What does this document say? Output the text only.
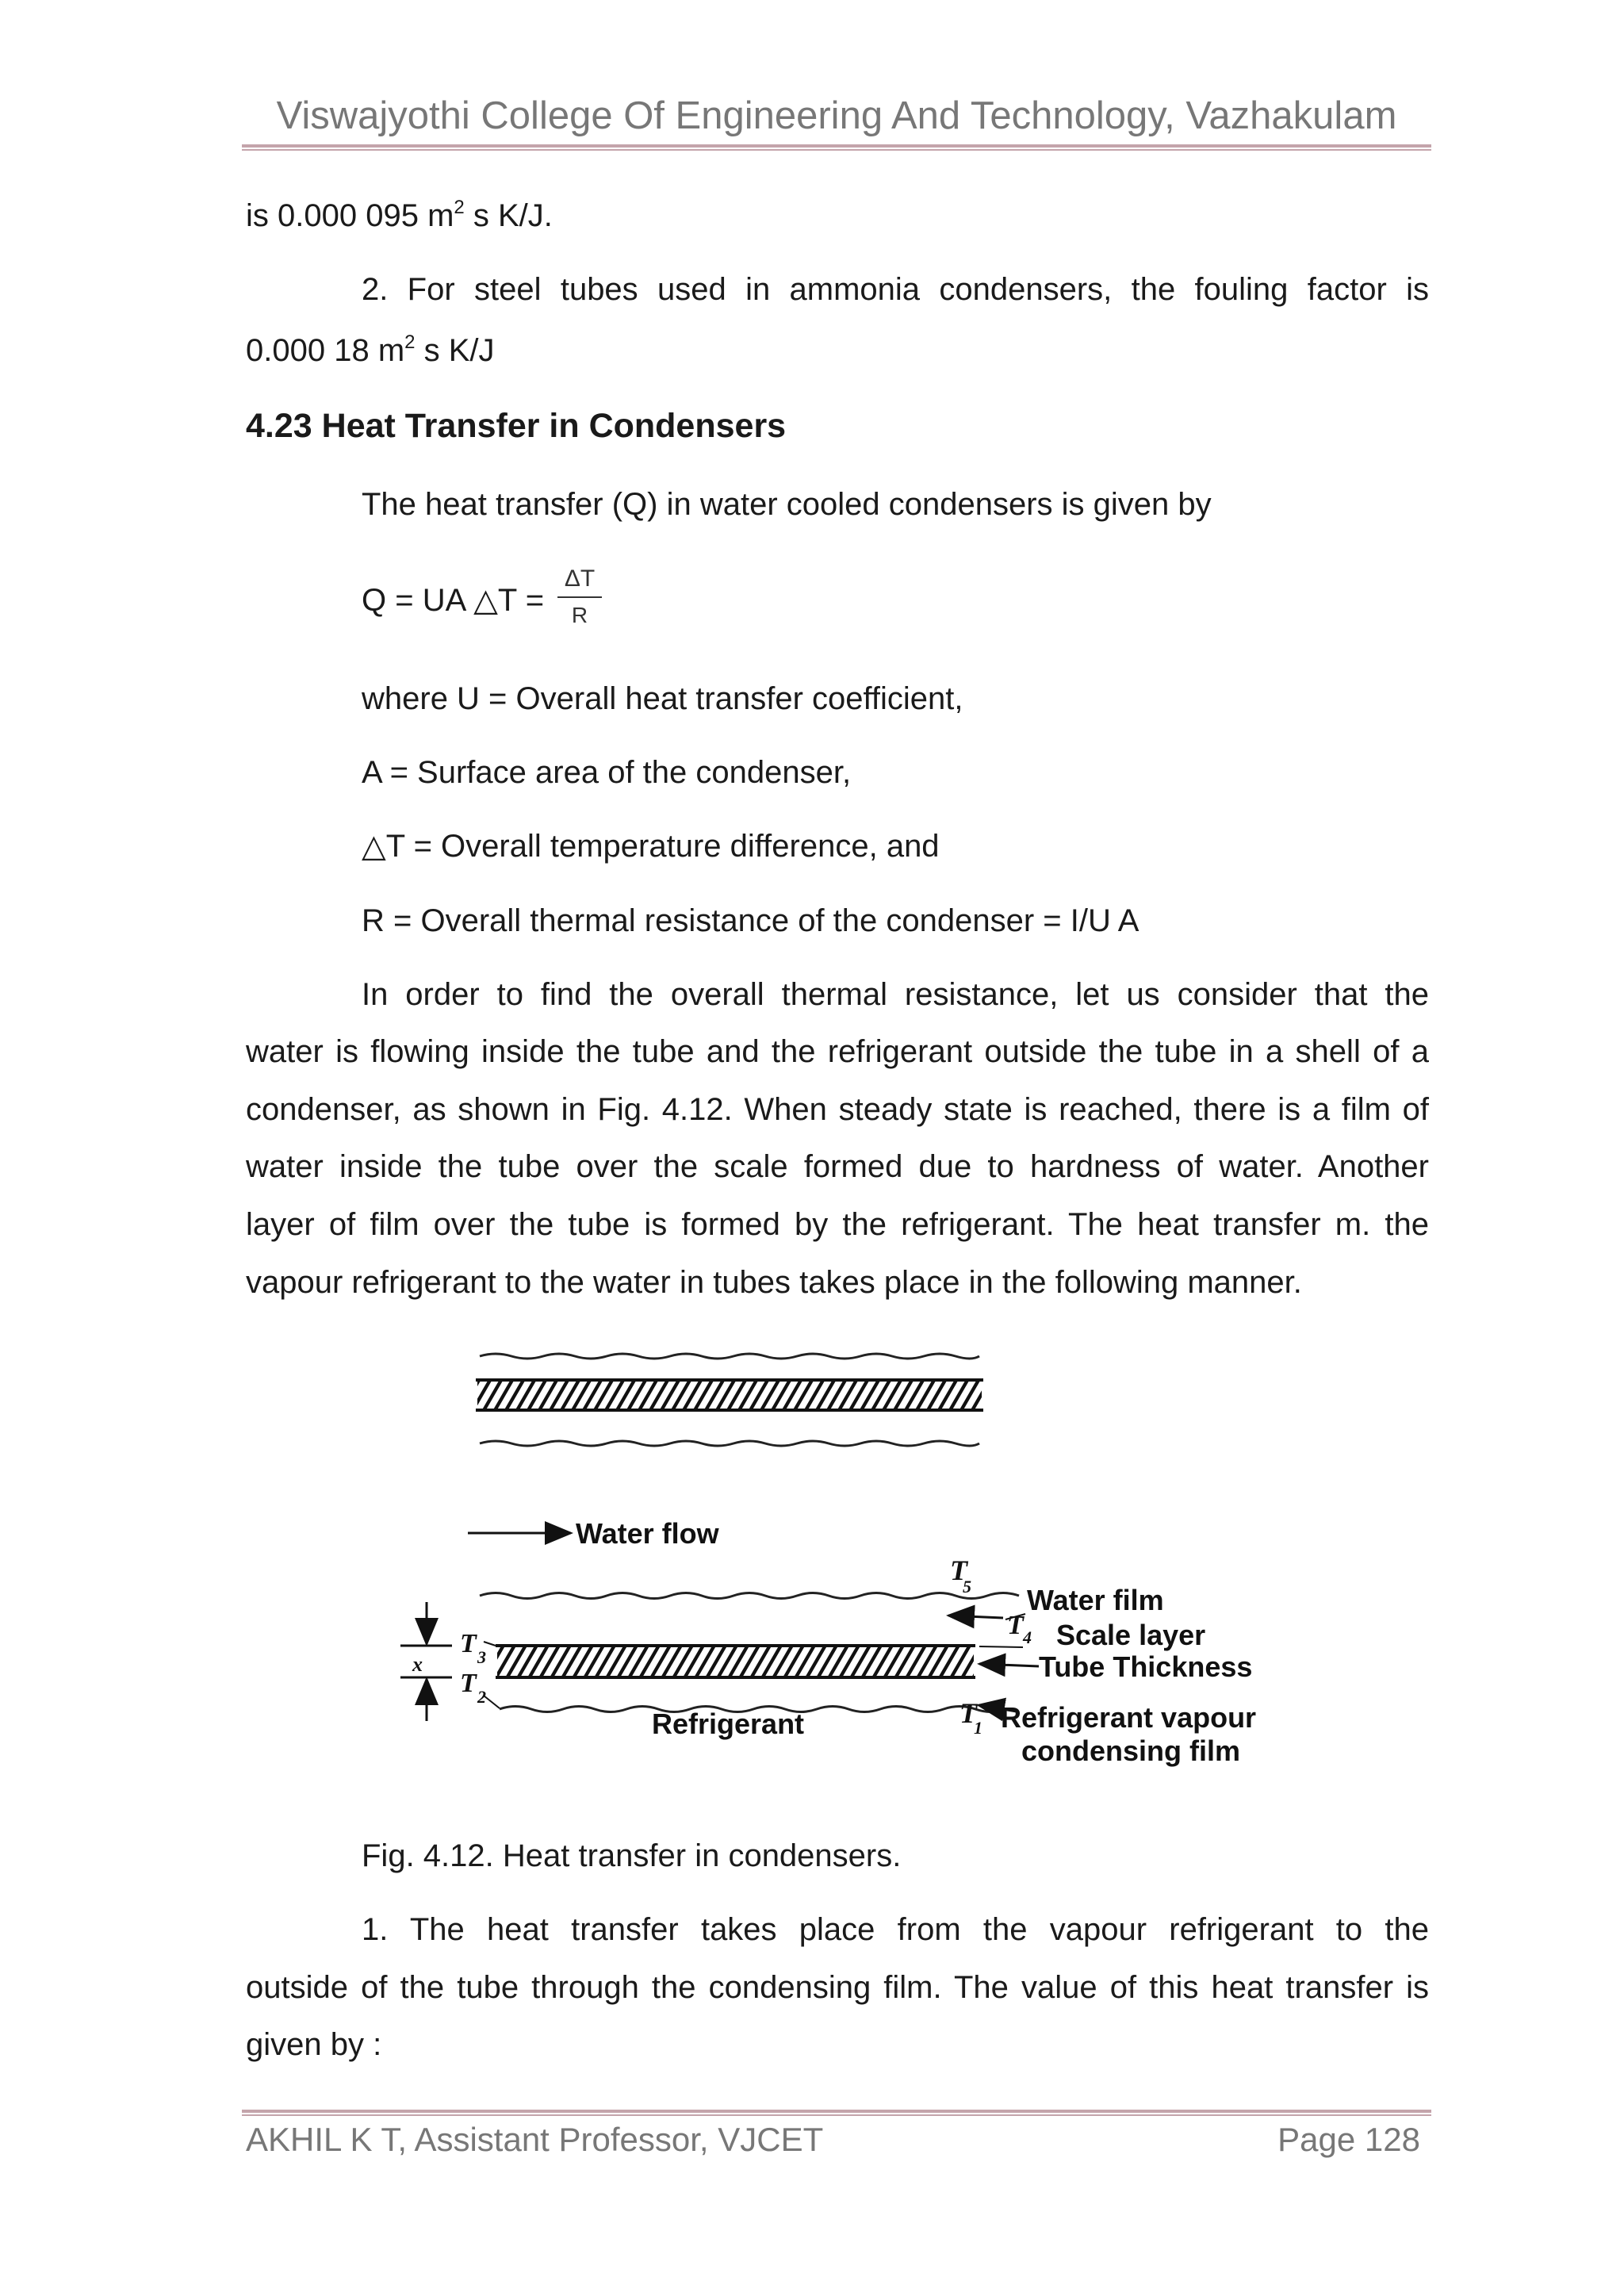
Viswajyothi College Of Engineering And Technology, Vazhakulam
is 0.000 095 $m^2$ s K/J.
2. For steel tubes used in ammonia condensers, the fouling factor is
0.000 18 $m^2$ s K/J
4.23 Heat Transfer in Condensers
The heat transfer (Q) in water cooled condensers is given by
Q = UA △T =
ΔT
R
where U = Overall heat transfer coefficient,
A = Surface area of the condenser,
△T = Overall temperature difference, and
R = Overall thermal resistance of the condenser = I/U A
In order to find the overall thermal resistance, let us consider that the
water is flowing inside the tube and the refrigerant outside the tube in a shell of a
condenser, as shown in Fig. 4.12. When steady state is reached, there is a film of
water inside the tube over the scale formed due to hardness of water. Another
layer of film over the tube is formed by the refrigerant. The heat transfer m. the
vapour refrigerant to the water in tubes takes place in the following manner.
Water flow
x
T 3
T 2
T
5 Water film
T 4 Scale layer
Tube Thickness
T
1 Refrigerant vapour
condensing film
Refrigerant
Fig. 4.12. Heat transfer in condensers.
1. The heat transfer takes place from the vapour refrigerant to the
outside of the tube through the condensing film. The value of this heat transfer is
given by :
AKHIL K T, Assistant Professor, VJCET	Page 128
